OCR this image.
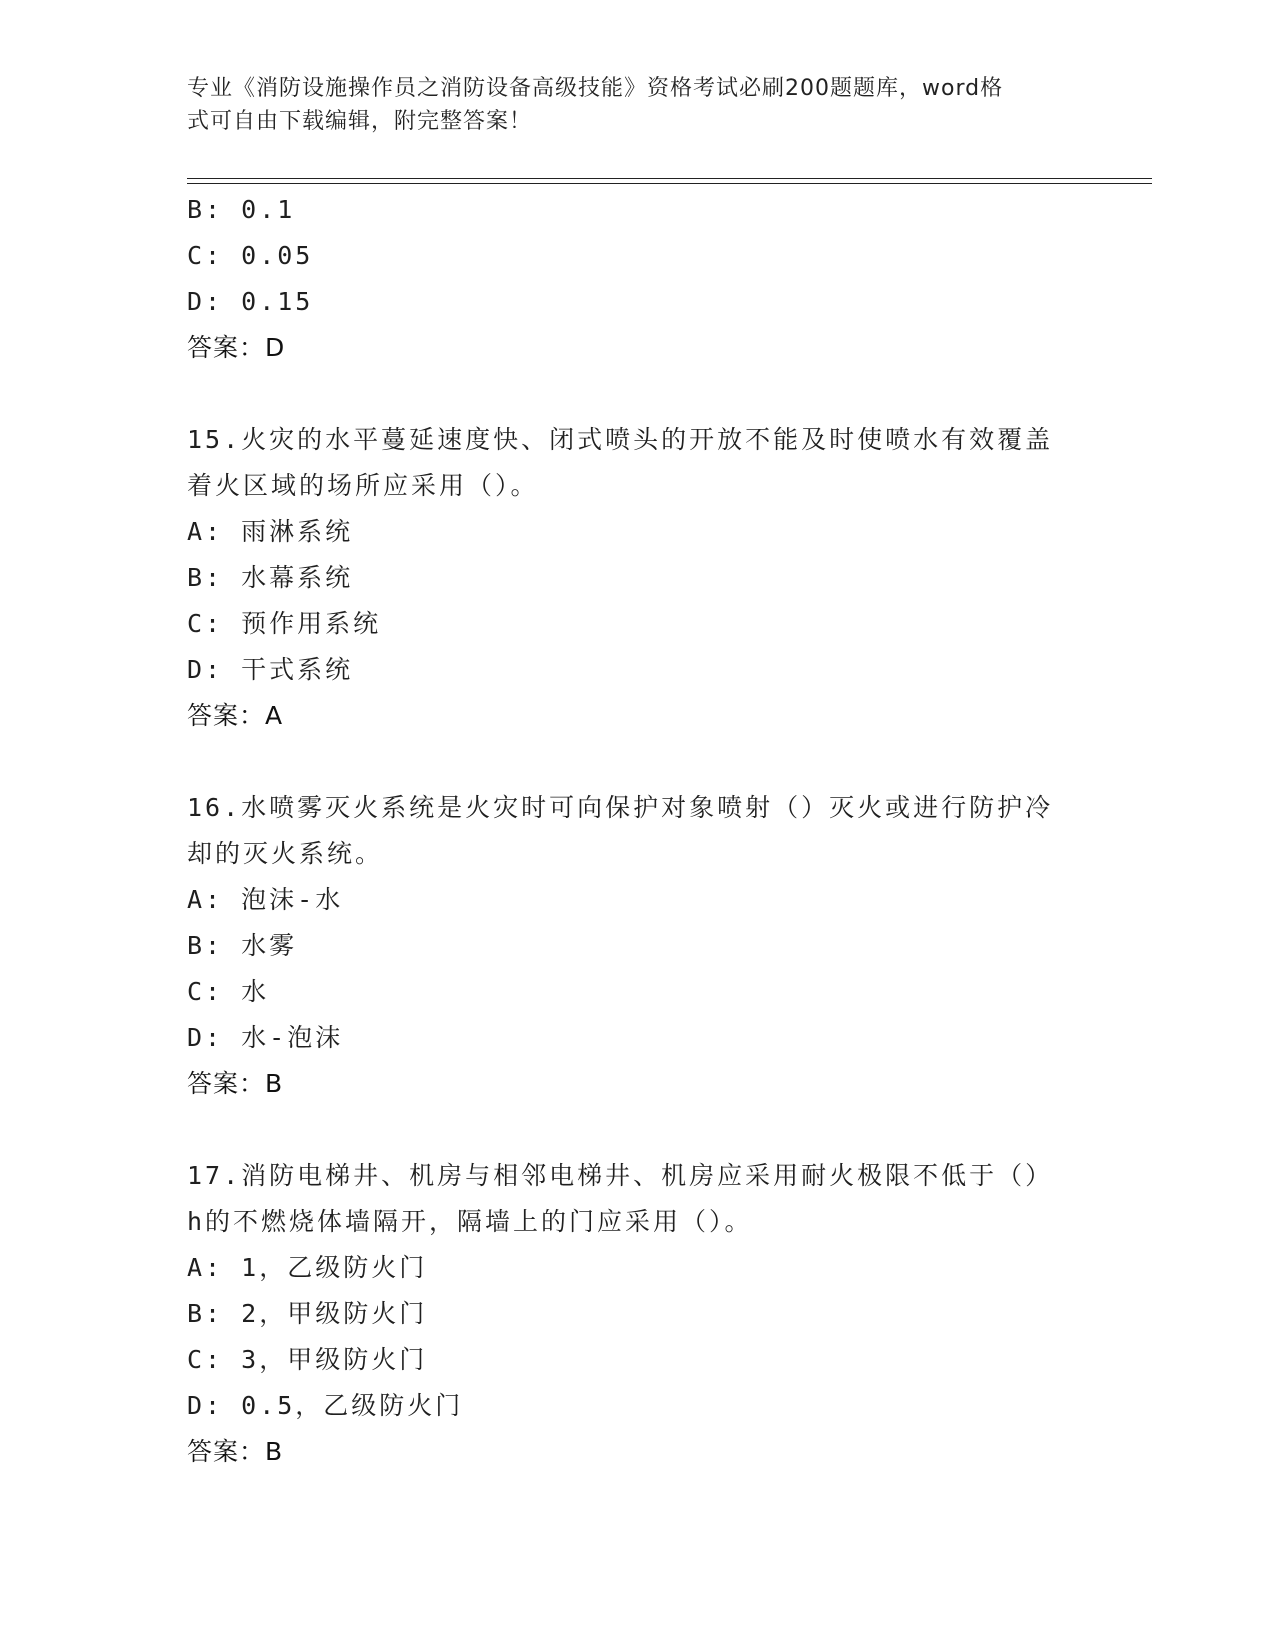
专业《消防设施操作员之消防设备高级技能》资格考试必刷200题题库，word格
式可自由下载编辑，附完整答案！
B: 0.1
C: 0.05
D: 0.15
答案：D
15.火灾的水平蔓延速度快、闭式喷头的开放不能及时使喷水有效覆盖
着火区域的场所应采用（）。
A: 雨淋系统
B: 水幕系统
C: 预作用系统
D: 干式系统
答案：A
16.水喷雾灭火系统是火灾时可向保护对象喷射（）灭火或进行防护冷
却的灭火系统。
A: 泡沫-水
B: 水雾
C: 水
D: 水-泡沫
答案：B
17.消防电梯井、机房与相邻电梯井、机房应采用耐火极限不低于（）
h的不燃烧体墙隔开，隔墙上的门应采用（）。
A: 1，乙级防火门
B: 2，甲级防火门
C: 3，甲级防火门
D: 0.5，乙级防火门
答案：B
